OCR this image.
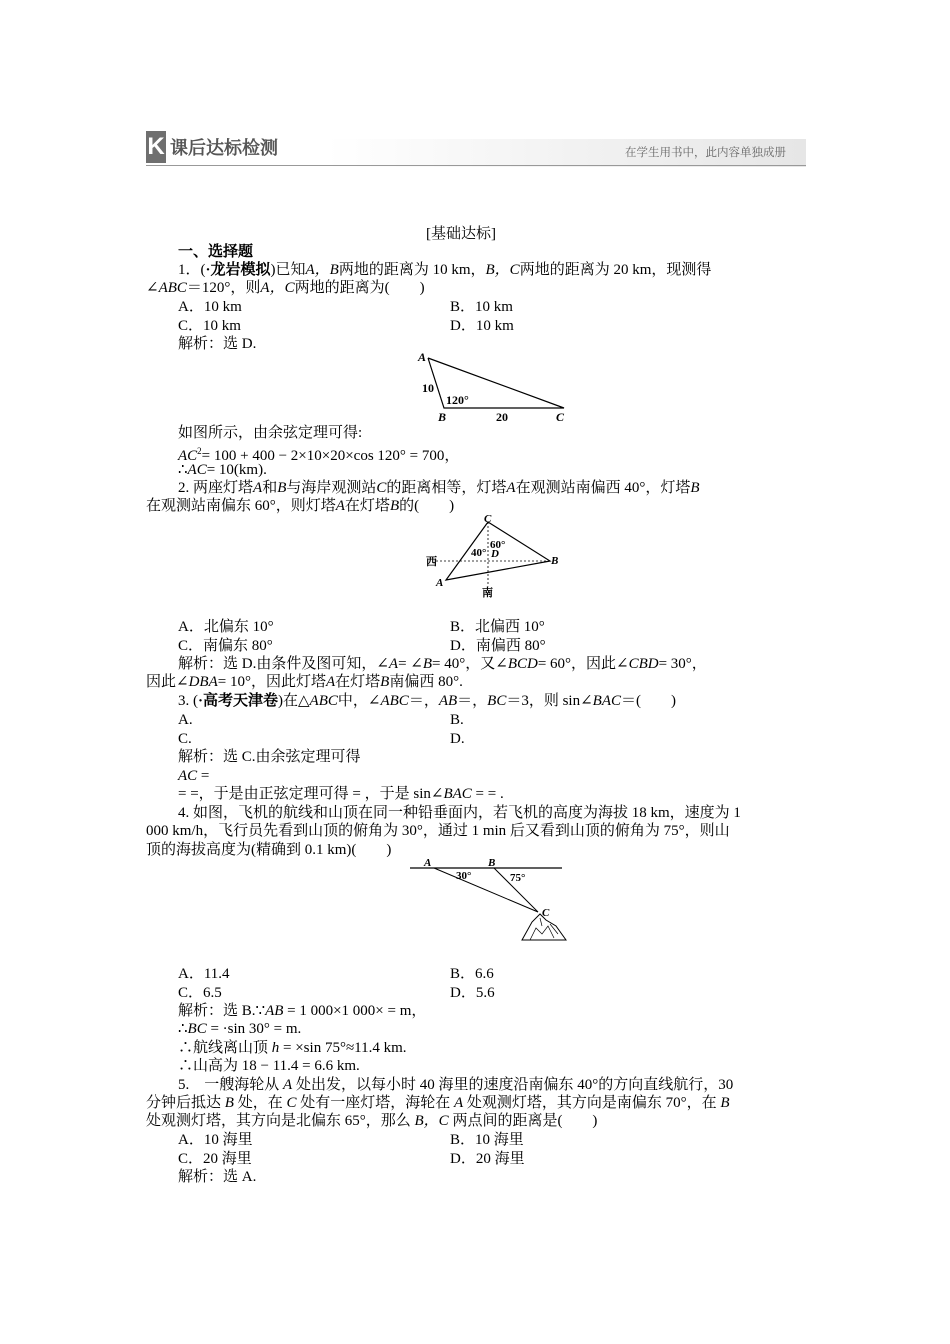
K 课后达标检测	在学生用书中，此内容单独成册
[基础达标]
一、选择题
1．(·龙岩模拟)已知A，B两地的距离为 10 km，B，C两地的距离为 20 km，现测得
∠ABC＝120°，则A，C两地的距离为(　　)
A．10 km	B．10 km
C．10 km	D．10 km
解析：选 D.
A
10
120°
B	20	C
如图所示，由余弦定理可得:
$AC^2= 100 + 400 - 2\times 10\times 20\times\cos$ 120° = 700，
∴AC= 10(km).
2. 两座灯塔A和B与海岸观测站C的距离相等，灯塔A在观测站南偏西 40°，灯塔B
在观测站南偏东 60°，则灯塔A在灯塔B的(　　)
C
60°
40° D
B
西
A
南
A．北偏东 10°	B．北偏西 10°
C．南偏东 80°	D．南偏西 80°
解析：选 D.由条件及图可知，∠A= ∠B= 40°，又∠BCD= 60°，因此∠CBD= 30°，
因此∠DBA= 10°，因此灯塔A在灯塔B南偏西 80°.
3. (·高考天津卷)在△ABC中，∠ABC＝，AB＝，BC＝3，则 sin∠BAC＝(　　)
A.	B.
C.	D.
解析：选 C.由余弦定理可得
AC =
= =，于是由正弦定理可得 = ，于是 sin∠BAC = = .
4. 如图，飞机的航线和山顶在同一种铅垂面内，若飞机的高度为海拔 18 km，速度为 1
000 km/h，飞行员先看到山顶的俯角为 30°，通过 1 min 后又看到山顶的俯角为 75°，则山
顶的海拔高度为(精确到 0.1 km)(　　)
A	B
30°	75°
C
A．11.4	B．6.6
C．6.5	D．5.6
解析：选 B.∵AB = 1 000×1 000× = m，
∴BC = ·sin 30° = m.
∴航线离山顶 h = ×sin 75°≈11.4 km.
∴山高为 18 − 11.4 = 6.6 km.
5.　一艘海轮从 A 处出发，以每小时 40 海里的速度沿南偏东 40°的方向直线航行，30
分钟后抵达 B 处，在 C 处有一座灯塔，海轮在 A 处观测灯塔，其方向是南偏东 70°，在 B
处观测灯塔，其方向是北偏东 65°，那么 B，C 两点间的距离是(　　)
A．10 海里	B．10 海里
C．20 海里	D．20 海里
解析：选 A.
